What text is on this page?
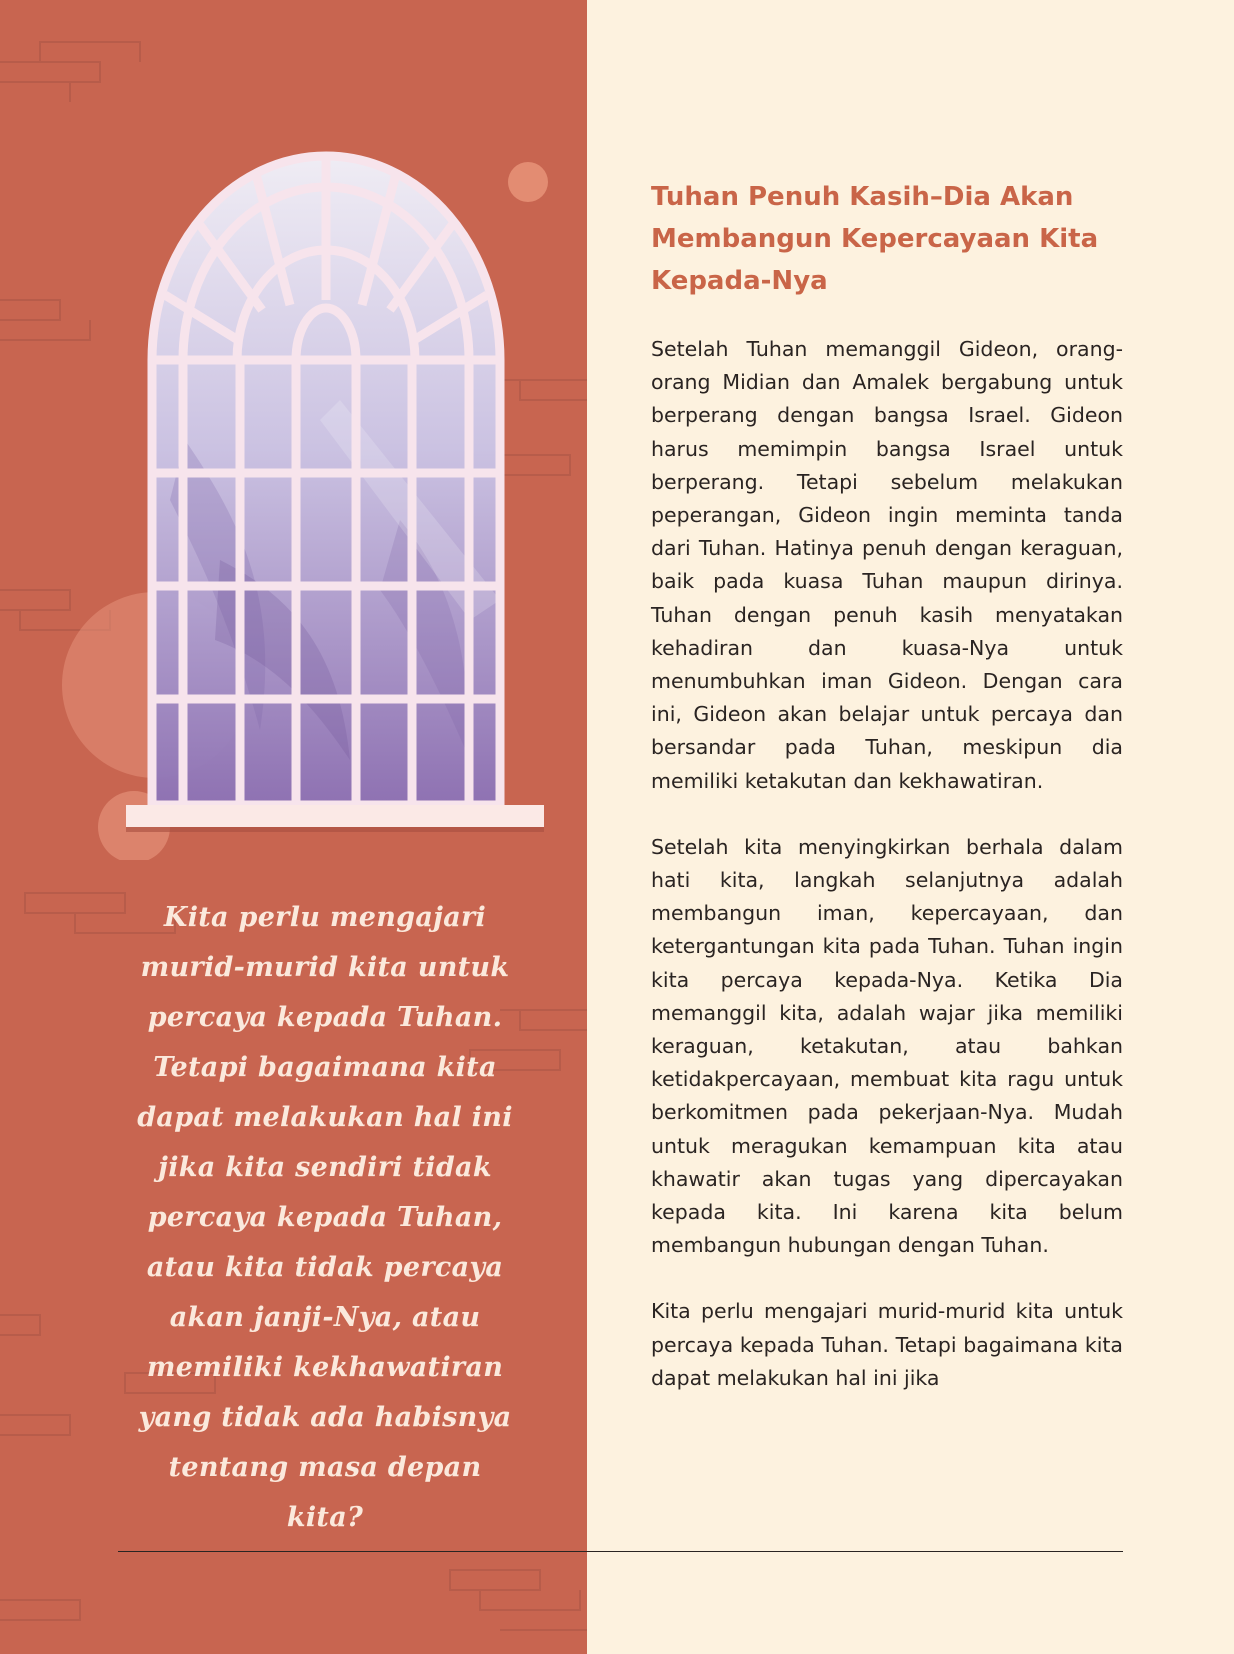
Kita perlu mengajari murid-murid kita untuk percaya kepada Tuhan. Tetapi bagaimana kita dapat melakukan hal ini jika kita sendiri tidak percaya kepada Tuhan, atau kita tidak percaya akan janji-Nya, atau memiliki kekhawatiran yang tidak ada habisnya tentang masa depan kita?

Tuhan Penuh Kasih–Dia Akan Membangun Kepercayaan Kita Kepada-Nya

Setelah Tuhan memanggil Gideon, orang-orang Midian dan Amalek bergabung untuk berperang dengan bangsa Israel. Gideon harus memimpin bangsa Israel untuk berperang. Tetapi sebelum melakukan peperangan, Gideon ingin meminta tanda dari Tuhan. Hatinya penuh dengan keraguan, baik pada kuasa Tuhan maupun dirinya. Tuhan dengan penuh kasih menyatakan kehadiran dan kuasa-Nya untuk menumbuhkan iman Gideon. Dengan cara ini, Gideon akan belajar untuk percaya dan bersandar pada Tuhan, meskipun dia memiliki ketakutan dan kekhawatiran.

Setelah kita menyingkirkan berhala dalam hati kita, langkah selanjutnya adalah membangun iman, kepercayaan, dan ketergantungan kita pada Tuhan. Tuhan ingin kita percaya kepada-Nya. Ketika Dia memanggil kita, adalah wajar jika memiliki keraguan, ketakutan, atau bahkan ketidakpercayaan, membuat kita ragu untuk berkomitmen pada pekerjaan-Nya. Mudah untuk meragukan kemampuan kita atau khawatir akan tugas yang dipercayakan kepada kita. Ini karena kita belum membangun hubungan dengan Tuhan.

Kita perlu mengajari murid-murid kita untuk percaya kepada Tuhan. Tetapi bagaimana kita dapat melakukan hal ini jika
